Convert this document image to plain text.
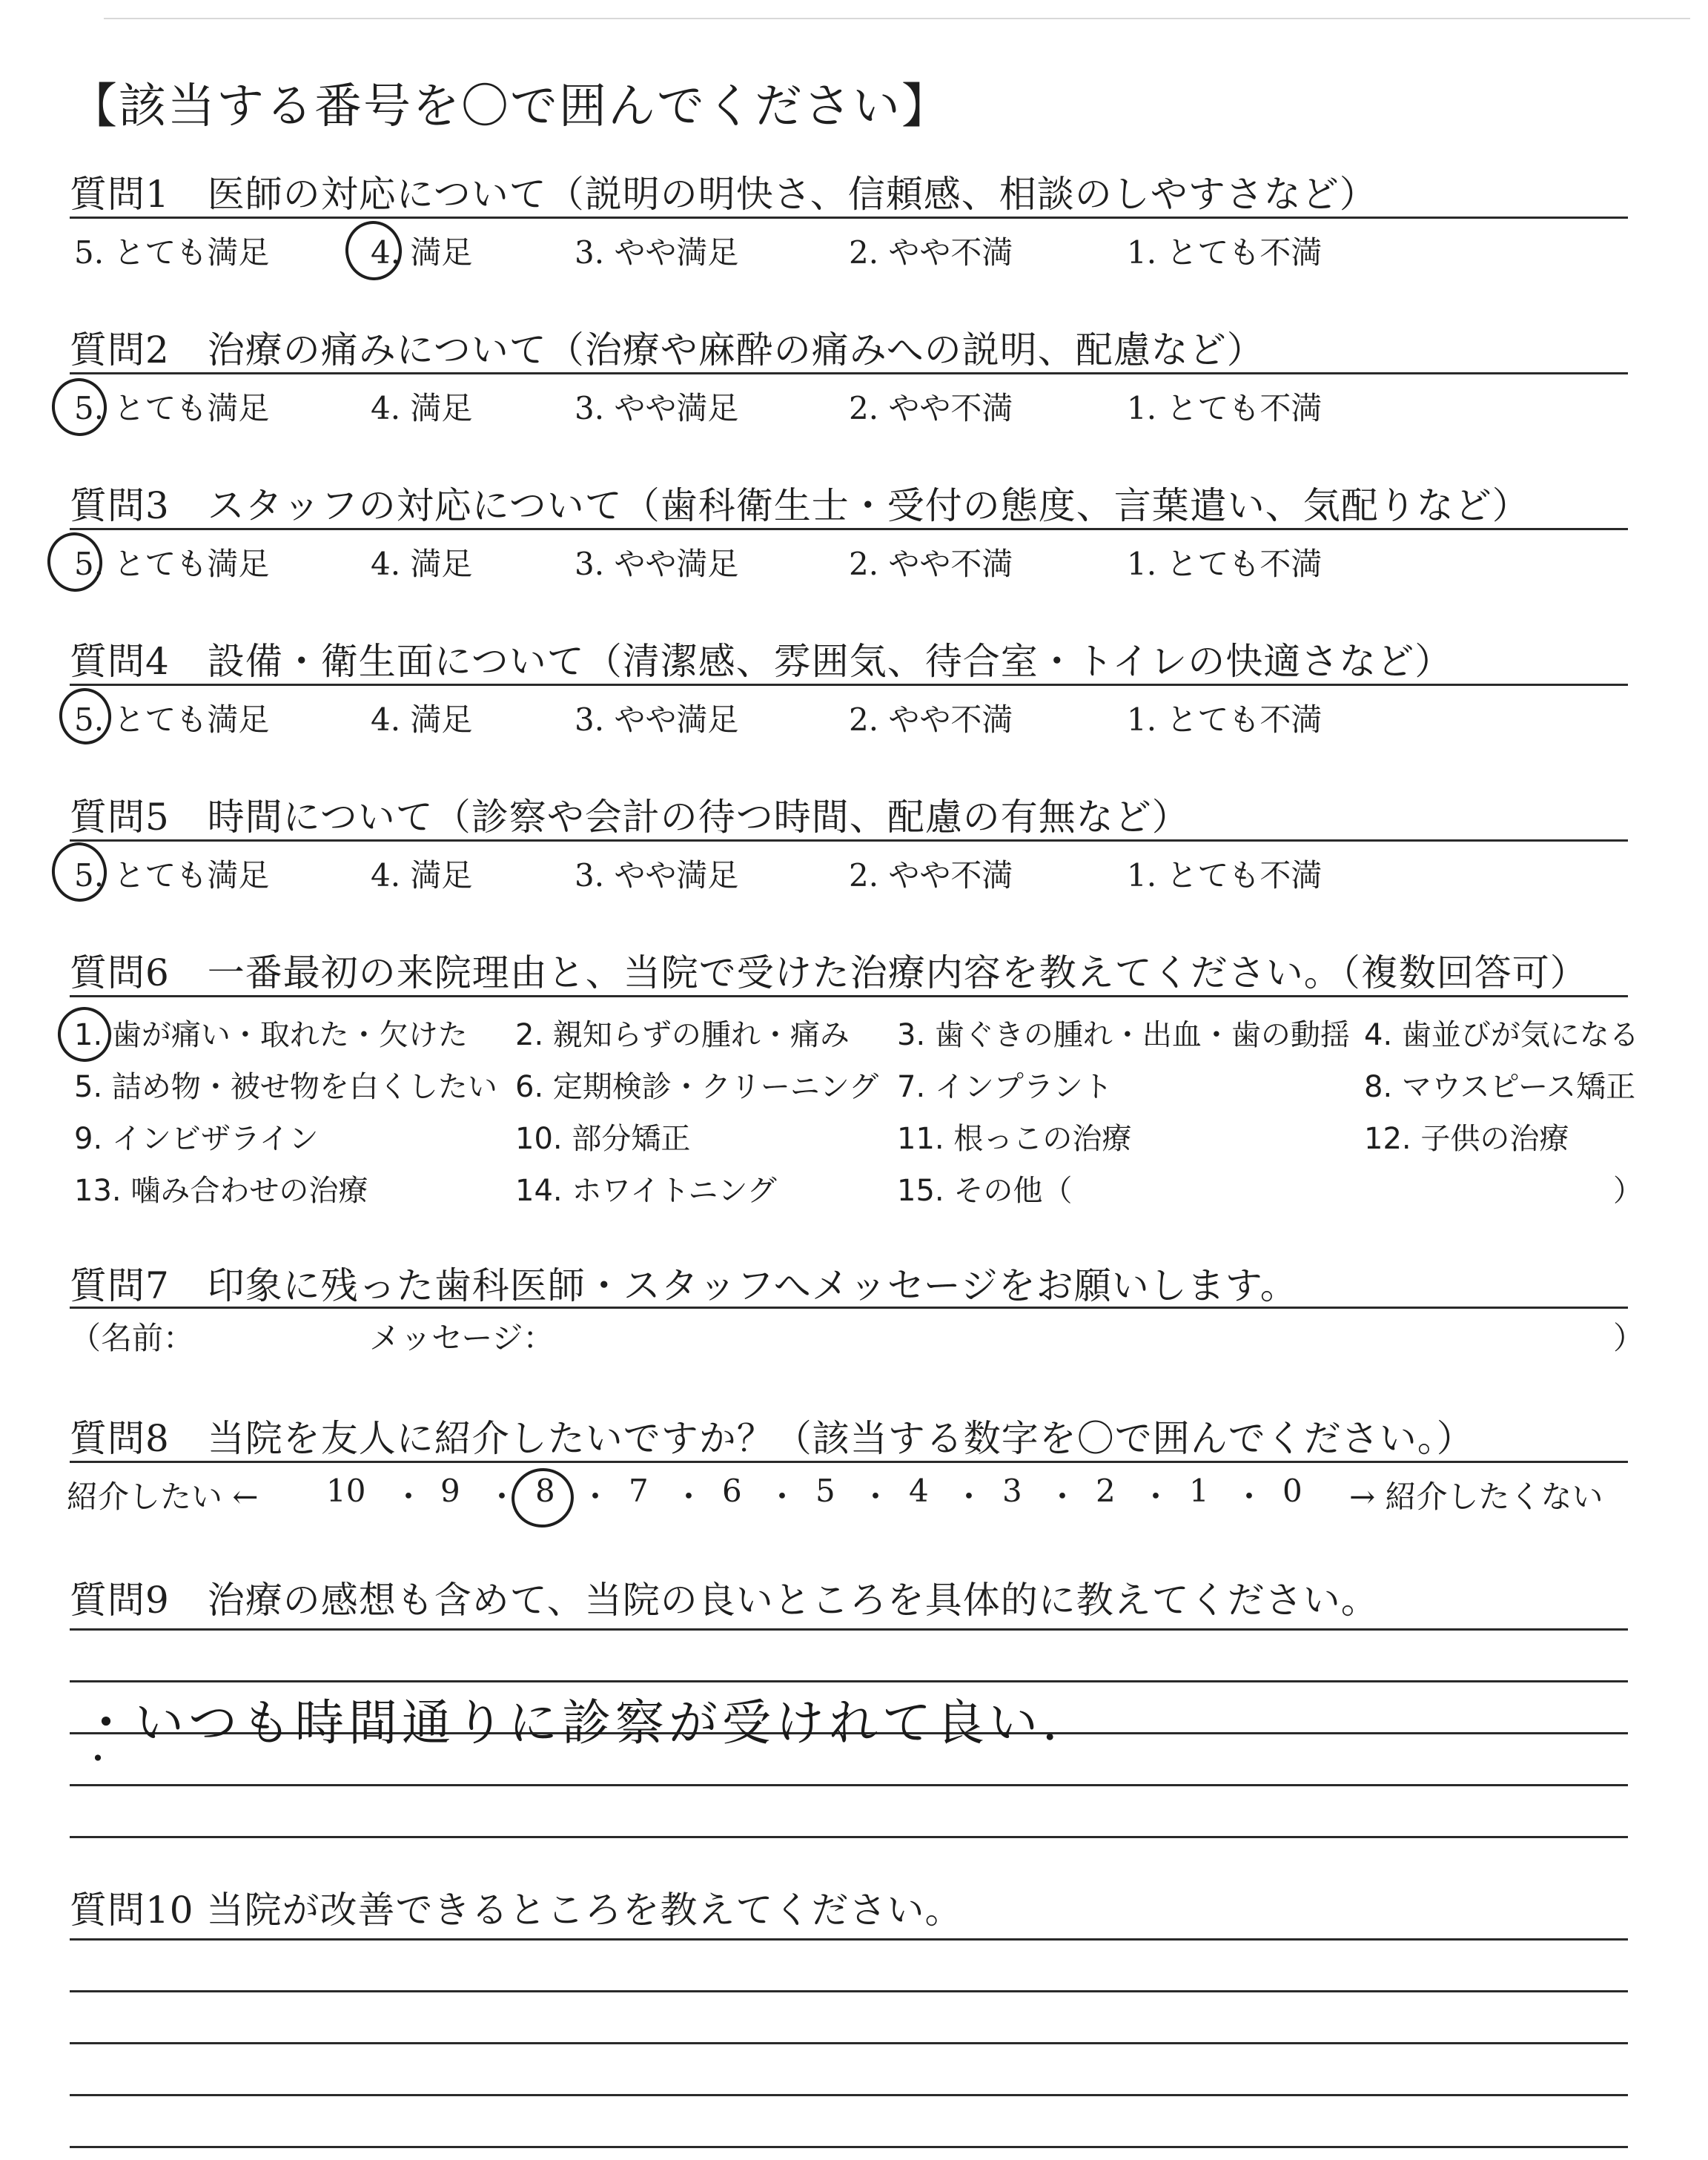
【該当する番号を〇で囲んでください】
質問1　医師の対応について（説明の明快さ、信頼感、相談のしやすさなど）
5. とても満足	4. 満足	3. やや満足	2. やや不満	1. とても不満
質問2　治療の痛みについて（治療や麻酔の痛みへの説明、配慮など）
5. とても満足	4. 満足	3. やや満足	2. やや不満	1. とても不満
質問3　スタッフの対応について（歯科衛生士・受付の態度、言葉遣い、気配りなど）
5. とても満足	4. 満足	3. やや満足	2. やや不満	1. とても不満
質問4　設備・衛生面について（清潔感、雰囲気、待合室・トイレの快適さなど）
5. とても満足	4. 満足	3. やや満足	2. やや不満	1. とても不満
質問5　時間について（診察や会計の待つ時間、配慮の有無など）
5. とても満足	4. 満足	3. やや満足	2. やや不満	1. とても不満
質問6　一番最初の来院理由と、当院で受けた治療内容を教えてください。（複数回答可）
1. 歯が痛い・取れた・欠けた 2. 親知らずの腫れ・痛み 3. 歯ぐきの腫れ・出血・歯の動揺 4. 歯並びが気になる
5. 詰め物・被せ物を白くしたい 6. 定期検診・クリーニング 7. インプラント	8. マウスピース矯正
9. インビザライン	10. 部分矯正	11. 根っこの治療	12. 子供の治療
13. 噛み合わせの治療	14. ホワイトニング	15. その他（	）
質問7　印象に残った歯科医師・スタッフへメッセージをお願いします。
（名前：	メッセージ：	）
質問8　当院を友人に紹介したいですか？（該当する数字を〇で囲んでください。）
紹介したい ←	→ 紹介したくない
10 ・ 9 ・ 8 ・ 7 ・ 6 ・ 5 ・ 4 ・ 3 ・ 2 ・ 1 ・ 0
質問9　治療の感想も含めて、当院の良いところを具体的に教えてください。
・いつも時間通りに診察が受けれて良い．
・
質問10 当院が改善できるところを教えてください。
